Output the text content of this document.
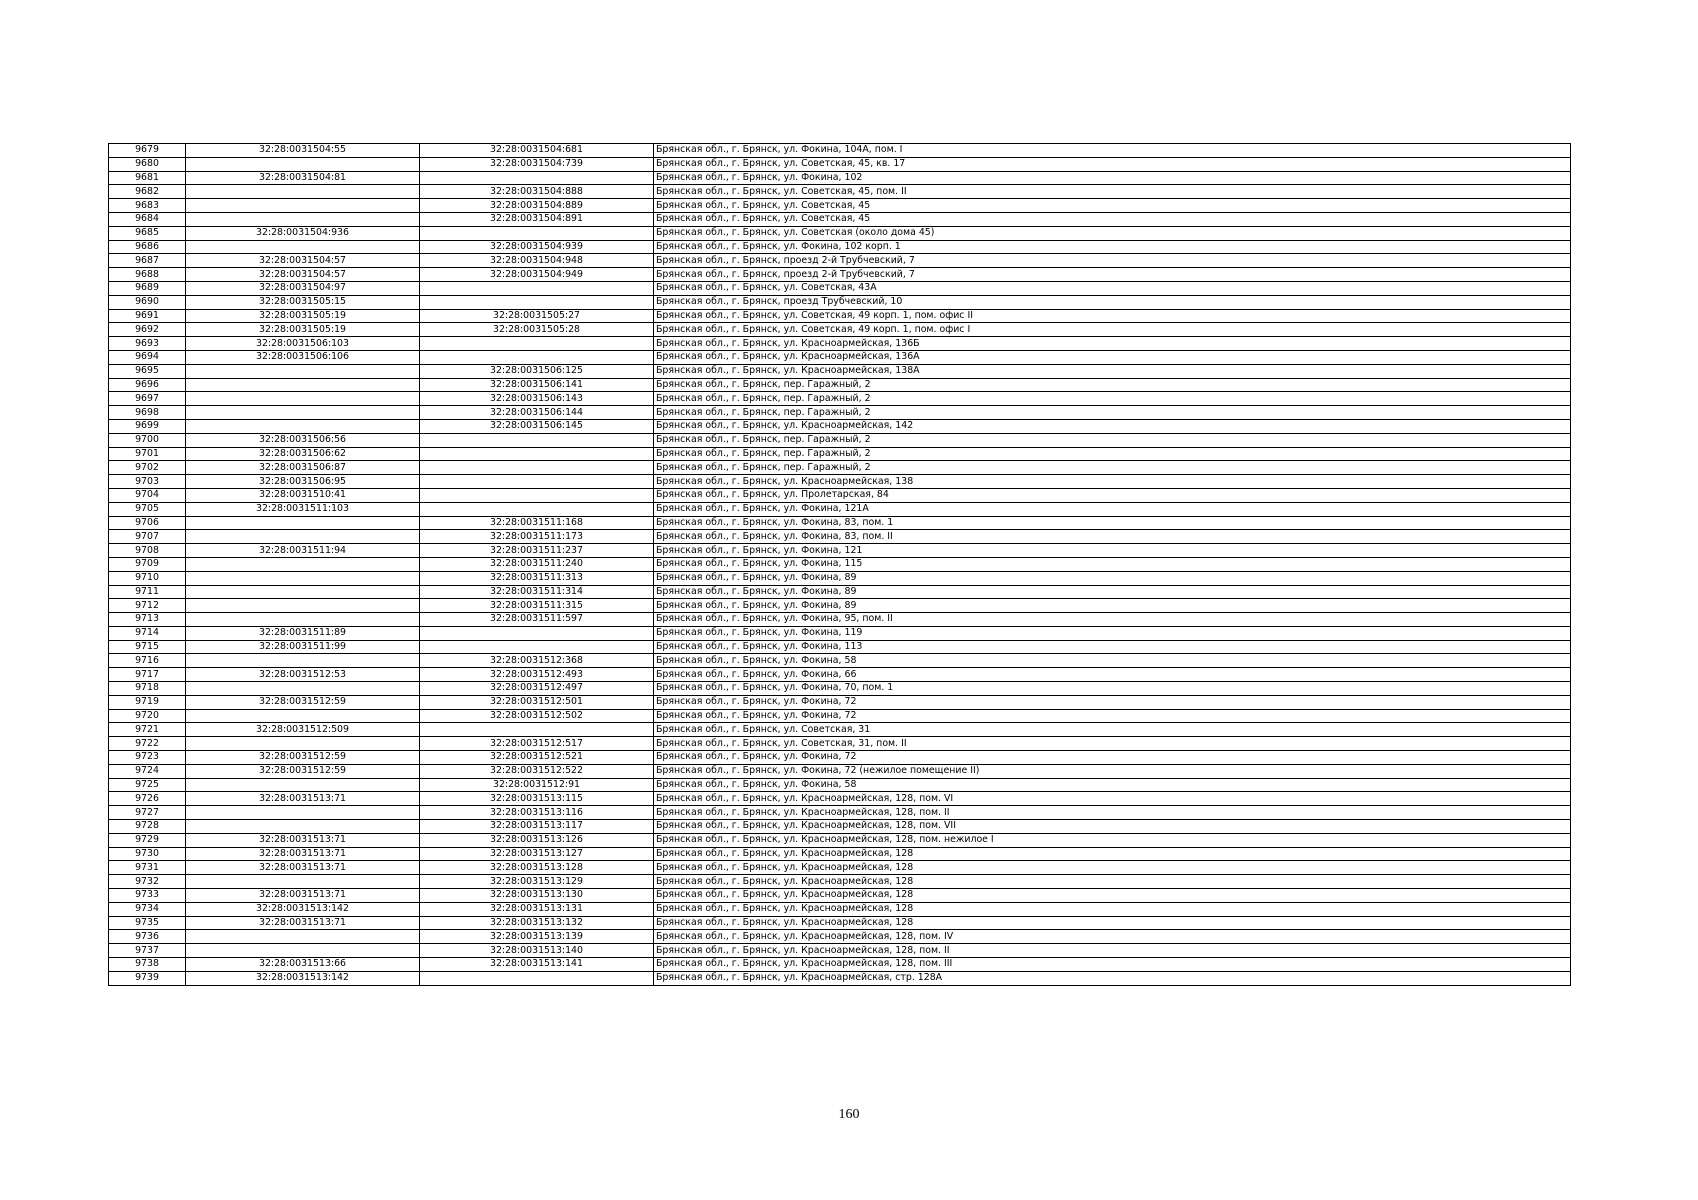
9679	32:28:0031504:55	32:28:0031504:681	Брянская обл., г. Брянск, ул. Фокина, 104А, пом. I
9680		32:28:0031504:739	Брянская обл., г. Брянск, ул. Советская, 45, кв. 17
9681	32:28:0031504:81		Брянская обл., г. Брянск, ул. Фокина, 102
9682		32:28:0031504:888	Брянская обл., г. Брянск, ул. Советская, 45, пом. II
9683		32:28:0031504:889	Брянская обл., г. Брянск, ул. Советская, 45
9684		32:28:0031504:891	Брянская обл., г. Брянск, ул. Советская, 45
9685	32:28:0031504:936		Брянская обл., г. Брянск, ул. Советская (около дома 45)
9686		32:28:0031504:939	Брянская обл., г. Брянск, ул. Фокина, 102 корп. 1
9687	32:28:0031504:57	32:28:0031504:948	Брянская обл., г. Брянск, проезд 2-й Трубчевский, 7
9688	32:28:0031504:57	32:28:0031504:949	Брянская обл., г. Брянск, проезд 2-й Трубчевский, 7
9689	32:28:0031504:97		Брянская обл., г. Брянск, ул. Советская, 43А
9690	32:28:0031505:15		Брянская обл., г. Брянск, проезд Трубчевский, 10
9691	32:28:0031505:19	32:28:0031505:27	Брянская обл., г. Брянск, ул. Советская, 49 корп. 1, пом. офис II
9692	32:28:0031505:19	32:28:0031505:28	Брянская обл., г. Брянск, ул. Советская, 49 корп. 1, пом. офис I
9693	32:28:0031506:103		Брянская обл., г. Брянск, ул. Красноармейская, 136Б
9694	32:28:0031506:106		Брянская обл., г. Брянск, ул. Красноармейская, 136А
9695		32:28:0031506:125	Брянская обл., г. Брянск, ул. Красноармейская, 138А
9696		32:28:0031506:141	Брянская обл., г. Брянск, пер. Гаражный, 2
9697		32:28:0031506:143	Брянская обл., г. Брянск, пер. Гаражный, 2
9698		32:28:0031506:144	Брянская обл., г. Брянск, пер. Гаражный, 2
9699		32:28:0031506:145	Брянская обл., г. Брянск, ул. Красноармейская, 142
9700	32:28:0031506:56		Брянская обл., г. Брянск, пер. Гаражный, 2
9701	32:28:0031506:62		Брянская обл., г. Брянск, пер. Гаражный, 2
9702	32:28:0031506:87		Брянская обл., г. Брянск, пер. Гаражный, 2
9703	32:28:0031506:95		Брянская обл., г. Брянск, ул. Красноармейская, 138
9704	32:28:0031510:41		Брянская обл., г. Брянск, ул. Пролетарская, 84
9705	32:28:0031511:103		Брянская обл., г. Брянск, ул. Фокина, 121А
9706		32:28:0031511:168	Брянская обл., г. Брянск, ул. Фокина, 83, пом. 1
9707		32:28:0031511:173	Брянская обл., г. Брянск, ул. Фокина, 83, пом. II
9708	32:28:0031511:94	32:28:0031511:237	Брянская обл., г. Брянск, ул. Фокина, 121
9709		32:28:0031511:240	Брянская обл., г. Брянск, ул. Фокина, 115
9710		32:28:0031511:313	Брянская обл., г. Брянск, ул. Фокина, 89
9711		32:28:0031511:314	Брянская обл., г. Брянск, ул. Фокина, 89
9712		32:28:0031511:315	Брянская обл., г. Брянск, ул. Фокина, 89
9713		32:28:0031511:597	Брянская обл., г. Брянск, ул. Фокина, 95, пом. II
9714	32:28:0031511:89		Брянская обл., г. Брянск, ул. Фокина, 119
9715	32:28:0031511:99		Брянская обл., г. Брянск, ул. Фокина, 113
9716		32:28:0031512:368	Брянская обл., г. Брянск, ул. Фокина, 58
9717	32:28:0031512:53	32:28:0031512:493	Брянская обл., г. Брянск, ул. Фокина, 66
9718		32:28:0031512:497	Брянская обл., г. Брянск, ул. Фокина, 70, пом. 1
9719	32:28:0031512:59	32:28:0031512:501	Брянская обл., г. Брянск, ул. Фокина, 72
9720		32:28:0031512:502	Брянская обл., г. Брянск, ул. Фокина, 72
9721	32:28:0031512:509		Брянская обл., г. Брянск, ул. Советская, 31
9722		32:28:0031512:517	Брянская обл., г. Брянск, ул. Советская, 31, пом. II
9723	32:28:0031512:59	32:28:0031512:521	Брянская обл., г. Брянск, ул. Фокина, 72
9724	32:28:0031512:59	32:28:0031512:522	Брянская обл., г. Брянск, ул. Фокина, 72 (нежилое помещение II)
9725		32:28:0031512:91	Брянская обл., г. Брянск, ул. Фокина, 58
9726	32:28:0031513:71	32:28:0031513:115	Брянская обл., г. Брянск, ул. Красноармейская, 128, пом. VI
9727		32:28:0031513:116	Брянская обл., г. Брянск, ул. Красноармейская, 128, пом. II
9728		32:28:0031513:117	Брянская обл., г. Брянск, ул. Красноармейская, 128, пом. VII
9729	32:28:0031513:71	32:28:0031513:126	Брянская обл., г. Брянск, ул. Красноармейская, 128, пом. нежилое I
9730	32:28:0031513:71	32:28:0031513:127	Брянская обл., г. Брянск, ул. Красноармейская, 128
9731	32:28:0031513:71	32:28:0031513:128	Брянская обл., г. Брянск, ул. Красноармейская, 128
9732		32:28:0031513:129	Брянская обл., г. Брянск, ул. Красноармейская, 128
9733	32:28:0031513:71	32:28:0031513:130	Брянская обл., г. Брянск, ул. Красноармейская, 128
9734	32:28:0031513:142	32:28:0031513:131	Брянская обл., г. Брянск, ул. Красноармейская, 128
9735	32:28:0031513:71	32:28:0031513:132	Брянская обл., г. Брянск, ул. Красноармейская, 128
9736		32:28:0031513:139	Брянская обл., г. Брянск, ул. Красноармейская, 128, пом. IV
9737		32:28:0031513:140	Брянская обл., г. Брянск, ул. Красноармейская, 128, пом. II
9738	32:28:0031513:66	32:28:0031513:141	Брянская обл., г. Брянск, ул. Красноармейская, 128, пом. III
9739	32:28:0031513:142		Брянская обл., г. Брянск, ул. Красноармейская, стр. 128А
160
